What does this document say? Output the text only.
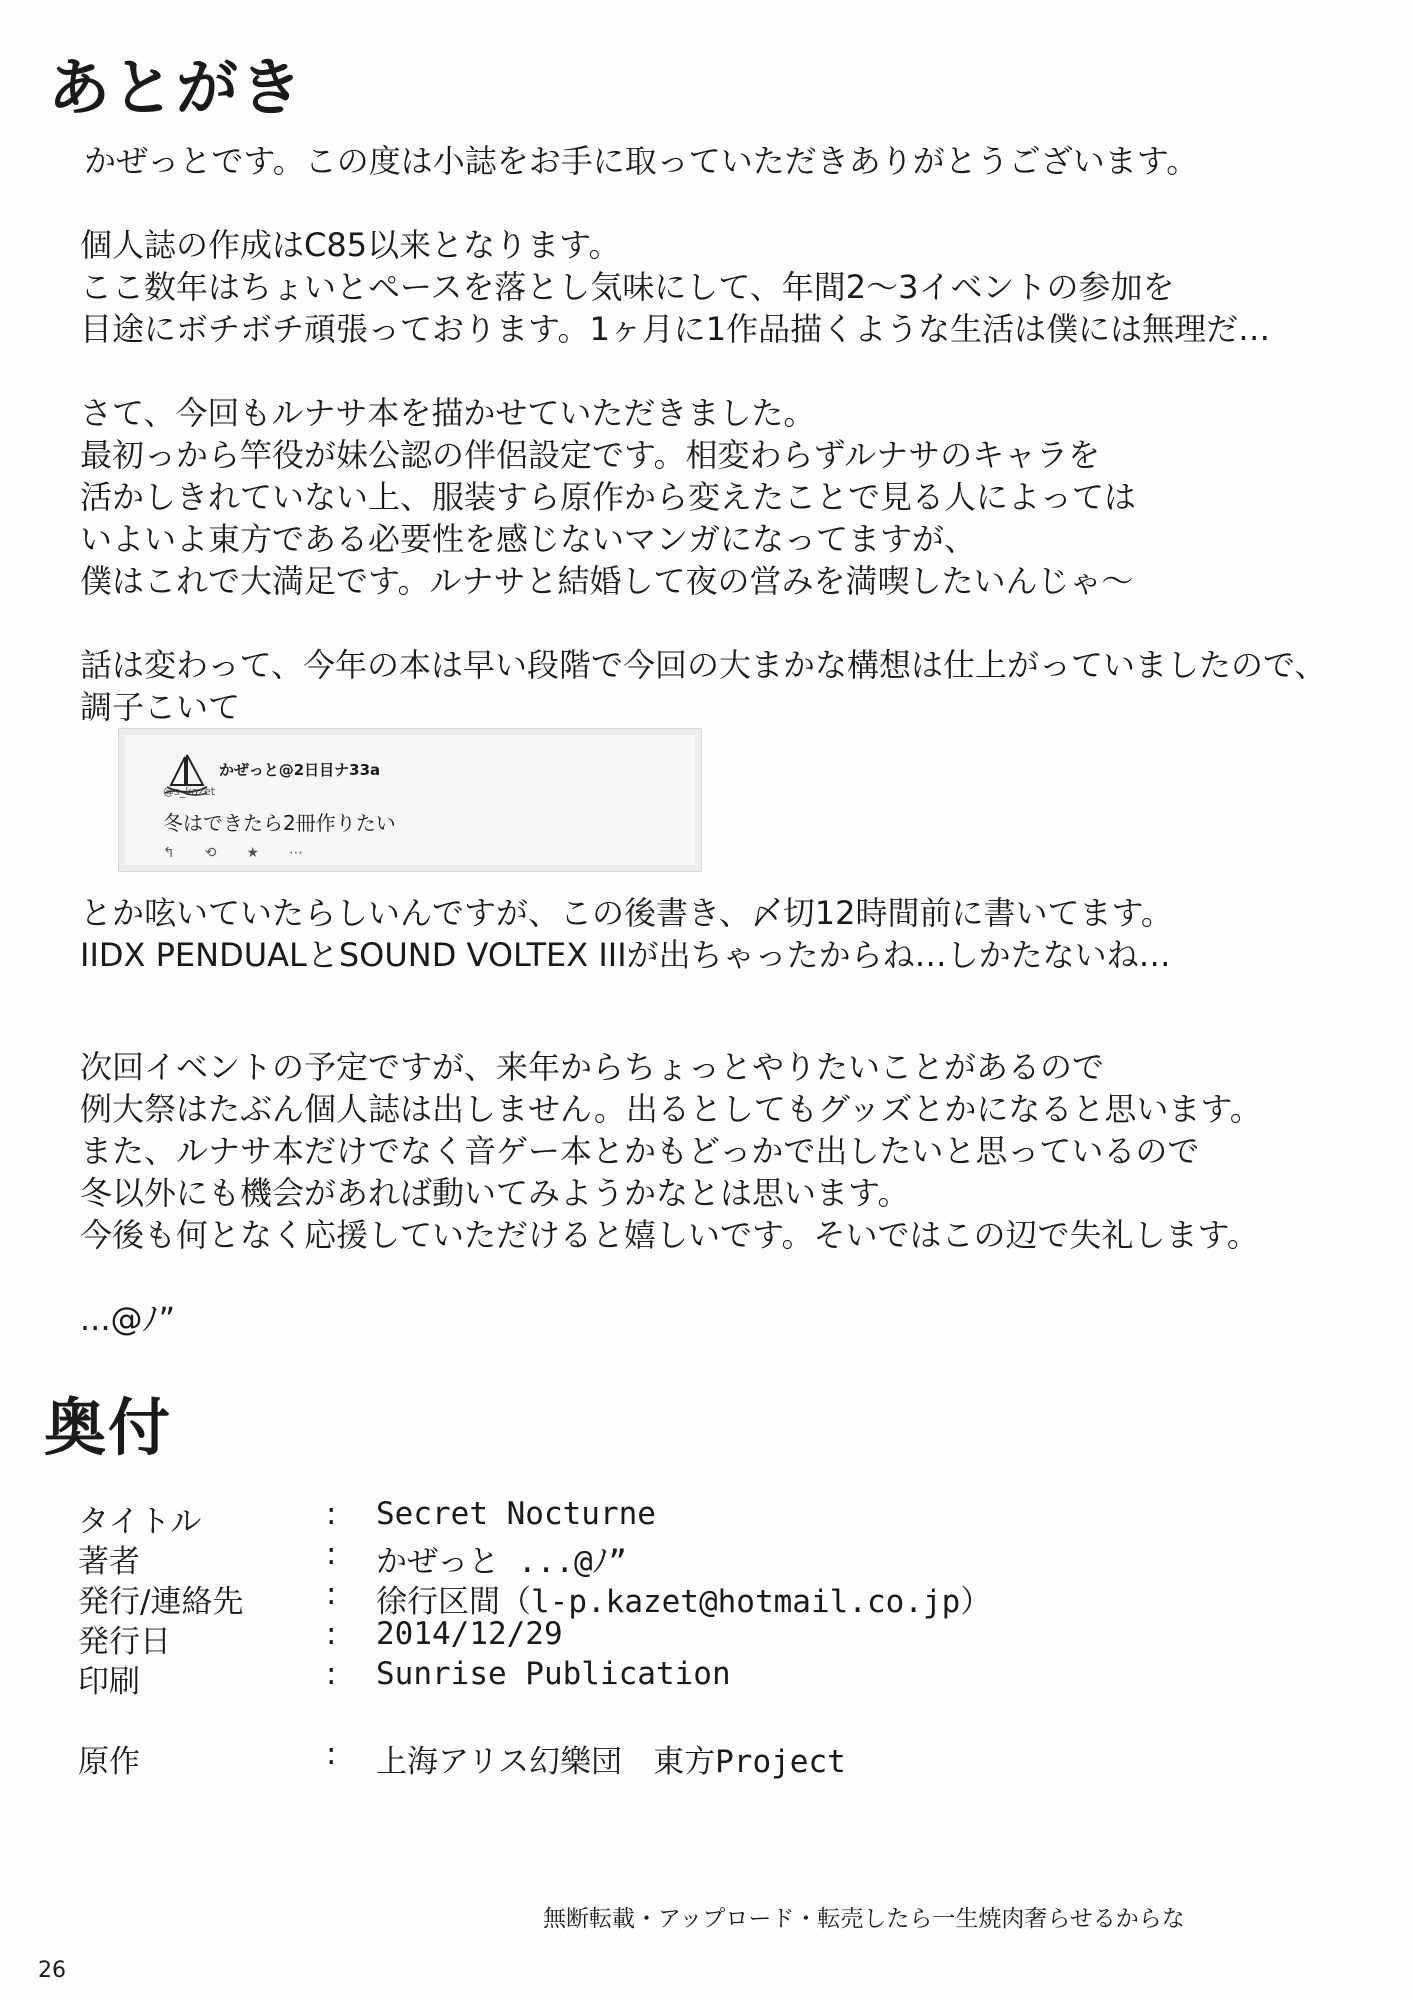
あとがき

かぜっとです。この度は小誌をお手に取っていただきありがとうございます。

個人誌の作成はC85以来となります。
ここ数年はちょいとペースを落とし気味にして、年間2～3イベントの参加を
目途にボチボチ頑張っております。1ヶ月に1作品描くような生活は僕には無理だ…

さて、今回もルナサ本を描かせていただきました。
最初っから竿役が妹公認の伴侶設定です。相変わらずルナサのキャラを
活かしきれていない上、服装すら原作から変えたことで見る人によっては
いよいよ東方である必要性を感じないマンガになってますが、
僕はこれで大満足です。ルナサと結婚して夜の営みを満喫したいんじゃ～

話は変わって、今年の本は早い段階で今回の大まかな構想は仕上がっていましたので、
調子こいて

かぜっと@2日目ナ33a
@s_kazet
冬はできたら2冊作りたい
↰ ⟲ ★ ⋯
とか呟いていたらしいんですが、この後書き、〆切12時間前に書いてます。
IIDX PENDUALとSOUND VOLTEX IIIが出ちゃったからね…しかたないね…

次回イベントの予定ですが、来年からちょっとやりたいことがあるので
例大祭はたぶん個人誌は出しません。出るとしてもグッズとかになると思います。
また、ルナサ本だけでなく音ゲー本とかもどっかで出したいと思っているので
冬以外にも機会があれば動いてみようかなとは思います。
今後も何となく応援していただけると嬉しいです。そいではこの辺で失礼します。

...@ﾉ”

奥付
タイトル	: Secret Nocturne
著者	: かぜっと ...@ﾉ”
発行/連絡先	: 徐行区間（l-p.kazet@hotmail.co.jp）
発行日	: 2014/12/29
印刷	: Sunrise Publication
原作	: 上海アリス幻樂団　東方Project
無断転載・アップロード・転売したら一生焼肉奢らせるからな
26
